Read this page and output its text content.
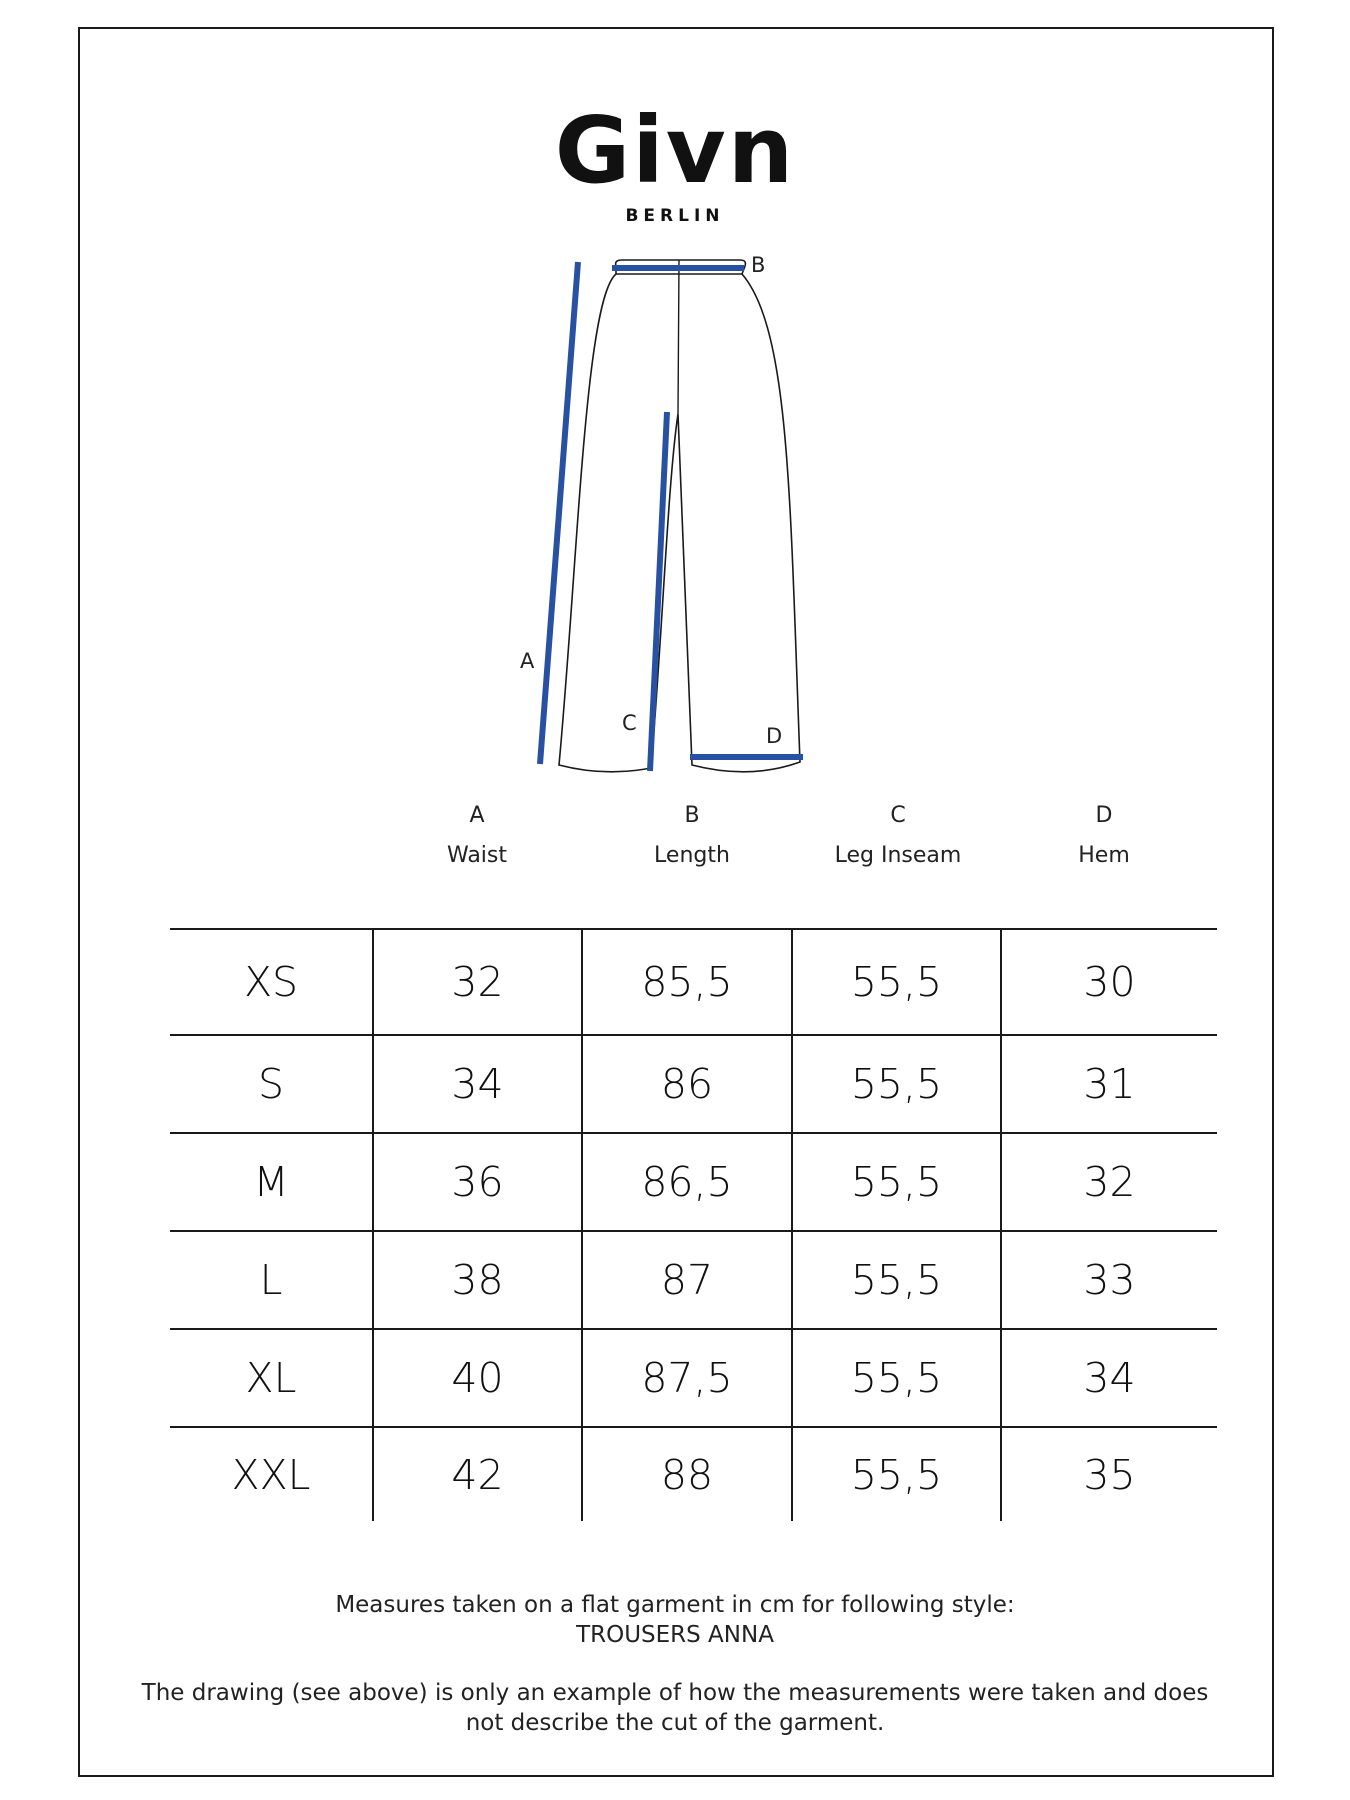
Givn
BERLIN
A
B
C
D
A
Waist
B
Length
C
Leg Inseam
D
Hem
XS	32	85,5	55,5	30
S	34	86	55,5	31
M	36	86,5	55,5	32
L	38	87	55,5	33
XL	40	87,5	55,5	34
XXL	42	88	55,5	35
Measures taken on a flat garment in cm for following style:
TROUSERS ANNA
The drawing (see above) is only an example of how the measurements were taken and does
not describe the cut of the garment.
